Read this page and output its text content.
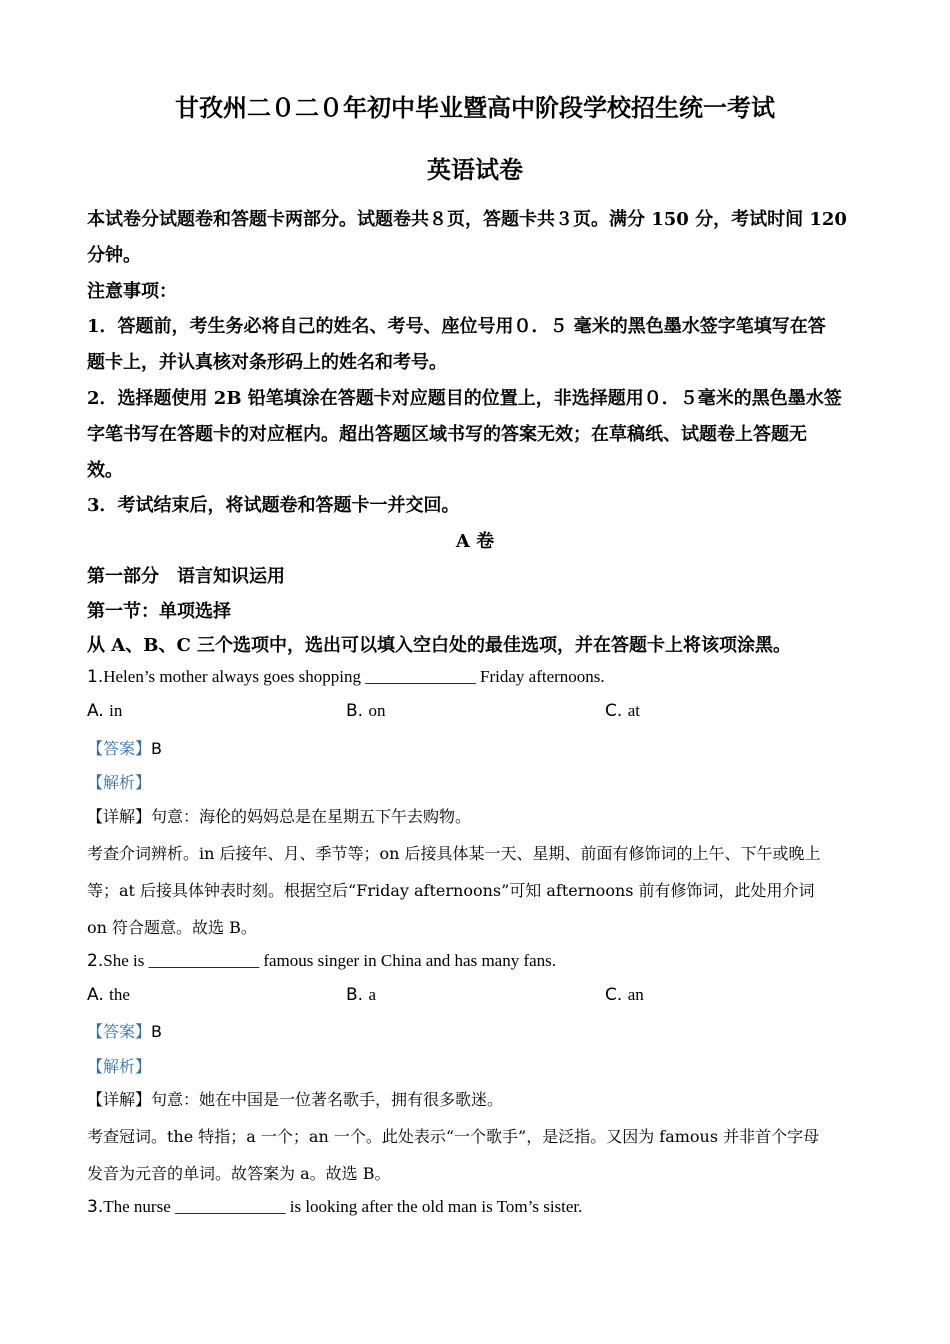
甘孜州二０二０年初中毕业暨高中阶段学校招生统一考试
英语试卷
本试卷分试题卷和答题卡两部分。试题卷共８页，答题卡共３页。满分 150 分，考试时间 120
分钟。
注意事项：
1．答题前，考生务必将自己的姓名、考号、座位号用０．５ 毫米的黑色墨水签字笔填写在答
题卡上，并认真核对条形码上的姓名和考号。
2．选择题使用 2B 铅笔填涂在答题卡对应题目的位置上，非选择题用０．５毫米的黑色墨水签
字笔书写在答题卡的对应框内。超出答题区域书写的答案无效；在草稿纸、试题卷上答题无
效。
3．考试结束后，将试题卷和答题卡一并交回。
A 卷
第一部分　语言知识运用
第一节：单项选择
从 A、B、C 三个选项中，选出可以填入空白处的最佳选项，并在答题卡上将该项涂黑。
1.Helen’s mother always goes shopping _____________ Friday afternoons.
A. in	B. on	C. at
【答案】B
【解析】
【详解】句意：海伦的妈妈总是在星期五下午去购物。
考查介词辨析。in 后接年、月、季节等；on 后接具体某一天、星期、前面有修饰词的上午、下午或晚上
等；at 后接具体钟表时刻。根据空后“Friday afternoons”可知 afternoons 前有修饰词，此处用介词
on 符合题意。故选 B。
2.She is _____________ famous singer in China and has many fans.
A. the	B. a	C. an
【答案】B
【解析】
【详解】句意：她在中国是一位著名歌手，拥有很多歌迷。
考查冠词。the 特指；a 一个；an 一个。此处表示“一个歌手”，是泛指。又因为 famous 并非首个字母
发音为元音的单词。故答案为 a。故选 B。
3.The nurse _____________ is looking after the old man is Tom’s sister.
